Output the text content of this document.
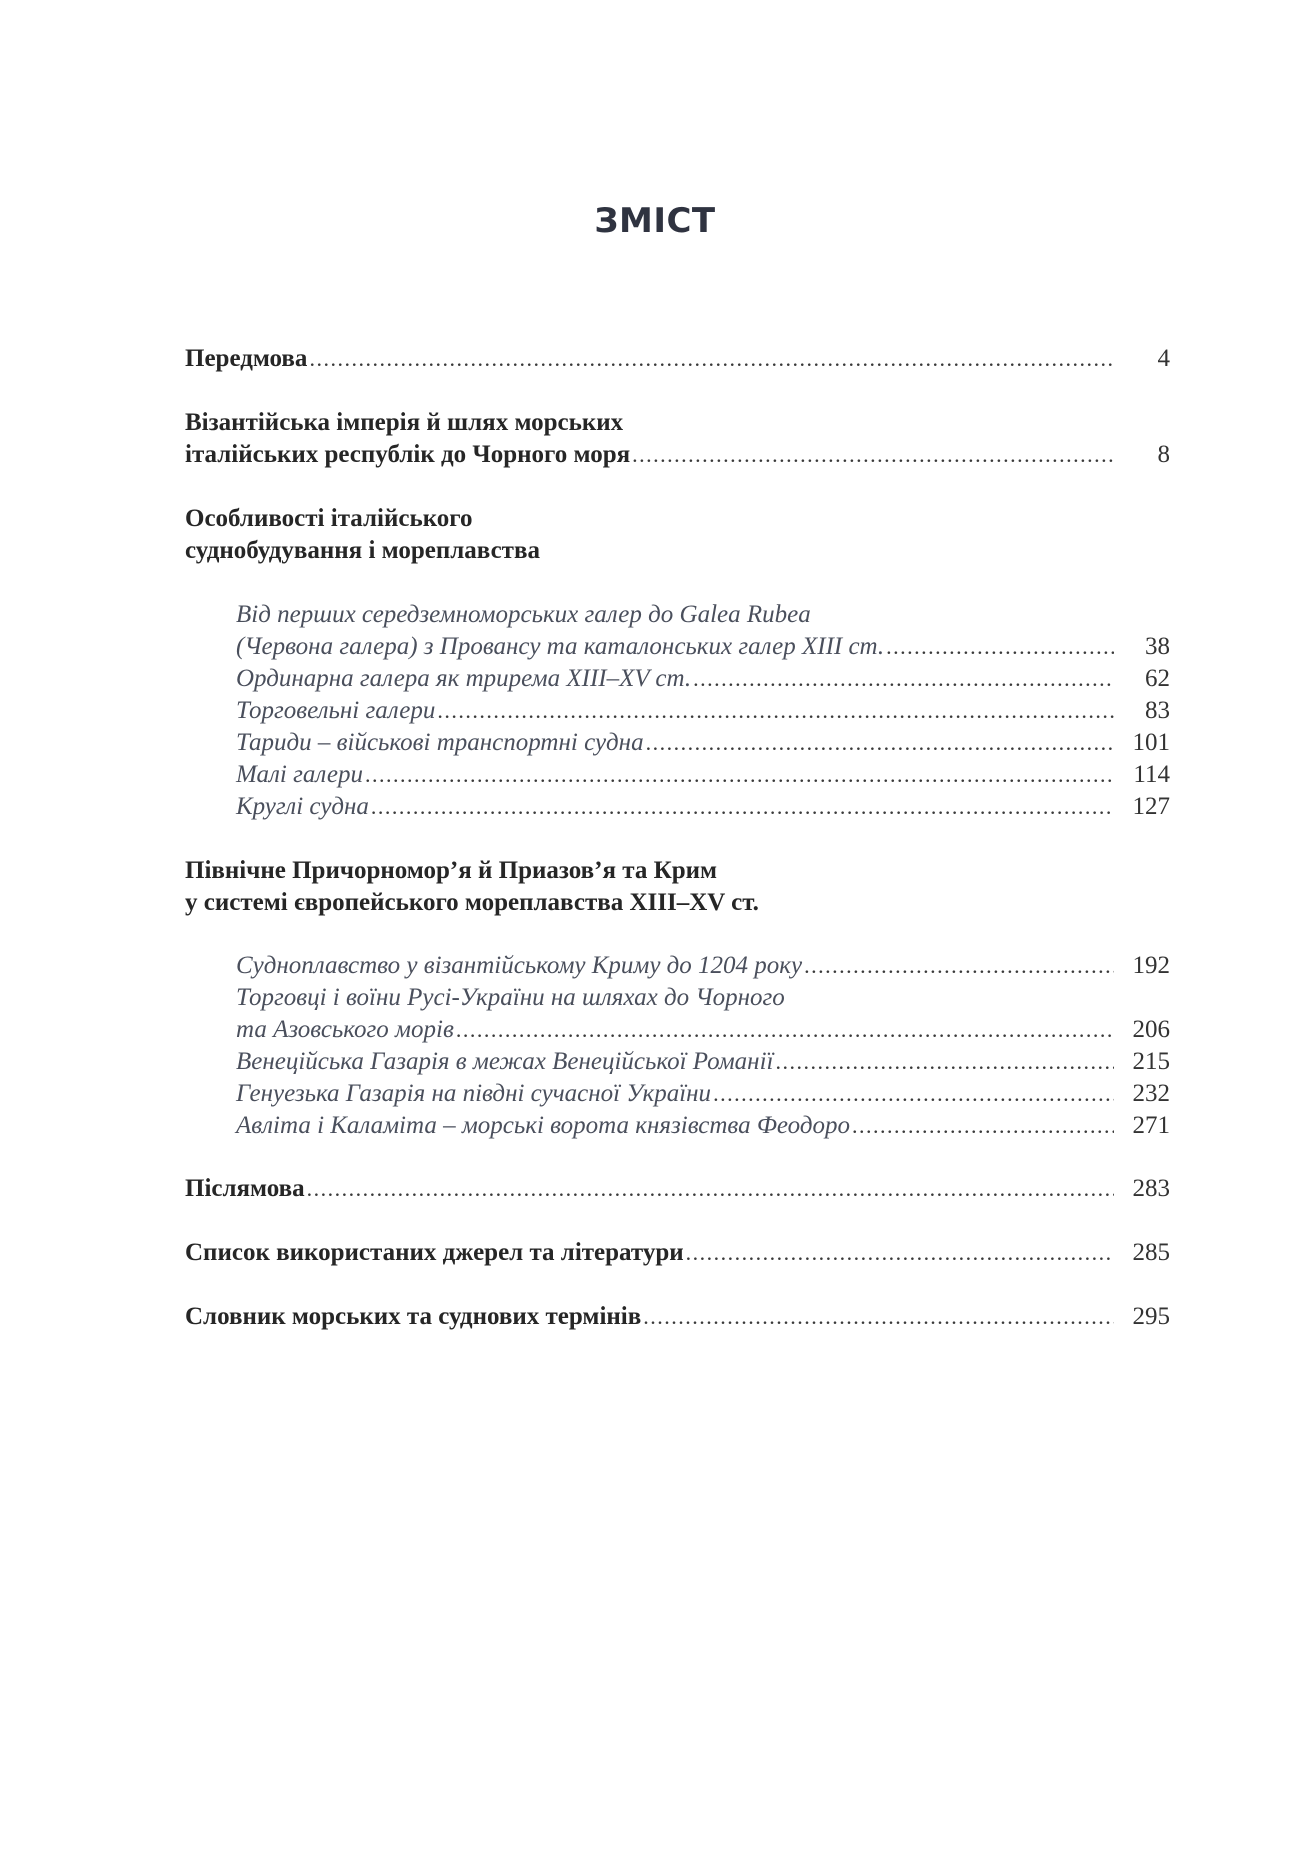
ЗМІСТ
Передмова . . .	4
Візантійська імперія й шлях морських
італійських республік до Чорного моря . . .	8
Особливості італійського
суднобудування і мореплавства
Від перших середземноморських галер до Galea Rubea
(Червона галера) з Провансу та каталонських галер XIII ст. . . .	38
Ординарна галера як трирема XIII–XV ст. . . .	62
Торговельні галери . . .	83
Тариди – військові транспортні судна . . .	101
Малі галери . . .	114
Круглі судна . . .	127
Північне Причорномор’я й Приазов’я та Крим
у системі європейського мореплавства XIII–XV ст.
Судноплавство у візантійському Криму до 1204 року . . .	192
Торговці і воїни Русі-України на шляхах до Чорного
та Азовського морів . . .	206
Венеційська Газарія в межах Венеційської Романії . . .	215
Генуезька Газарія на півдні сучасної України . . .	232
Авліта і Каламіта – морські ворота князівства Феодоро . . .	271
Післямова . . .	283
Список використаних джерел та літератури . . .	285
Словник морських та суднових термінів . . .	295
